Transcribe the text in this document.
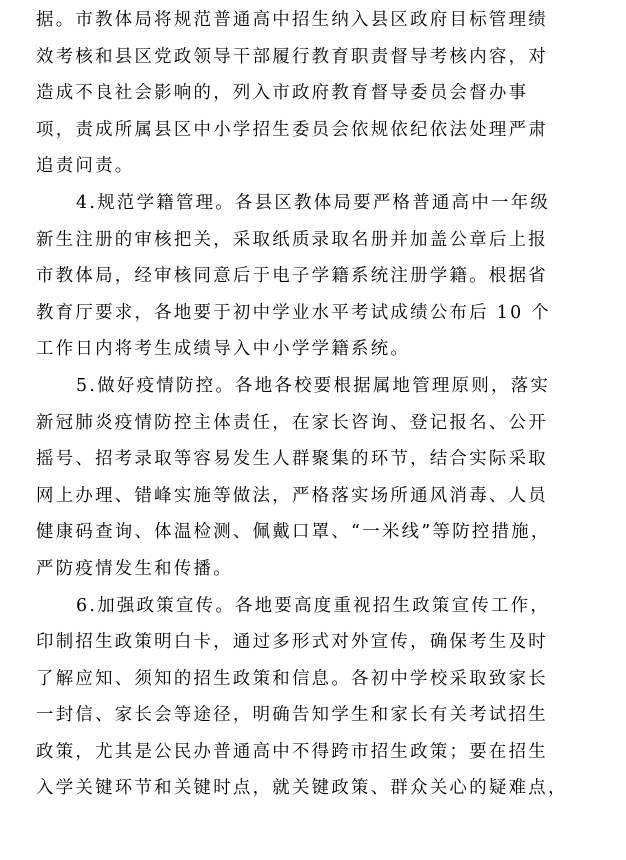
据。市教体局将规范普通高中招生纳入县区政府目标管理绩

效考核和县区党政领导干部履行教育职责督导考核内容，对

造成不良社会影响的，列入市政府教育督导委员会督办事

项，责成所属县区中小学招生委员会依规依纪依法处理严肃

追责问责。

4.规范学籍管理。各县区教体局要严格普通高中一年级

新生注册的审核把关，采取纸质录取名册并加盖公章后上报

市教体局，经审核同意后于电子学籍系统注册学籍。根据省

教育厅要求，各地要于初中学业水平考试成绩公布后 10 个

工作日内将考生成绩导入中小学学籍系统。

5.做好疫情防控。各地各校要根据属地管理原则，落实

新冠肺炎疫情防控主体责任，在家长咨询、登记报名、公开

摇号、招考录取等容易发生人群聚集的环节，结合实际采取

网上办理、错峰实施等做法，严格落实场所通风消毒、人员

健康码查询、体温检测、佩戴口罩、“一米线”等防控措施，

严防疫情发生和传播。

6.加强政策宣传。各地要高度重视招生政策宣传工作，

印制招生政策明白卡，通过多形式对外宣传，确保考生及时

了解应知、须知的招生政策和信息。各初中学校采取致家长

一封信、家长会等途径，明确告知学生和家长有关考试招生

政策，尤其是公民办普通高中不得跨市招生政策；要在招生

入学关键环节和关键时点，就关键政策、群众关心的疑难点，
